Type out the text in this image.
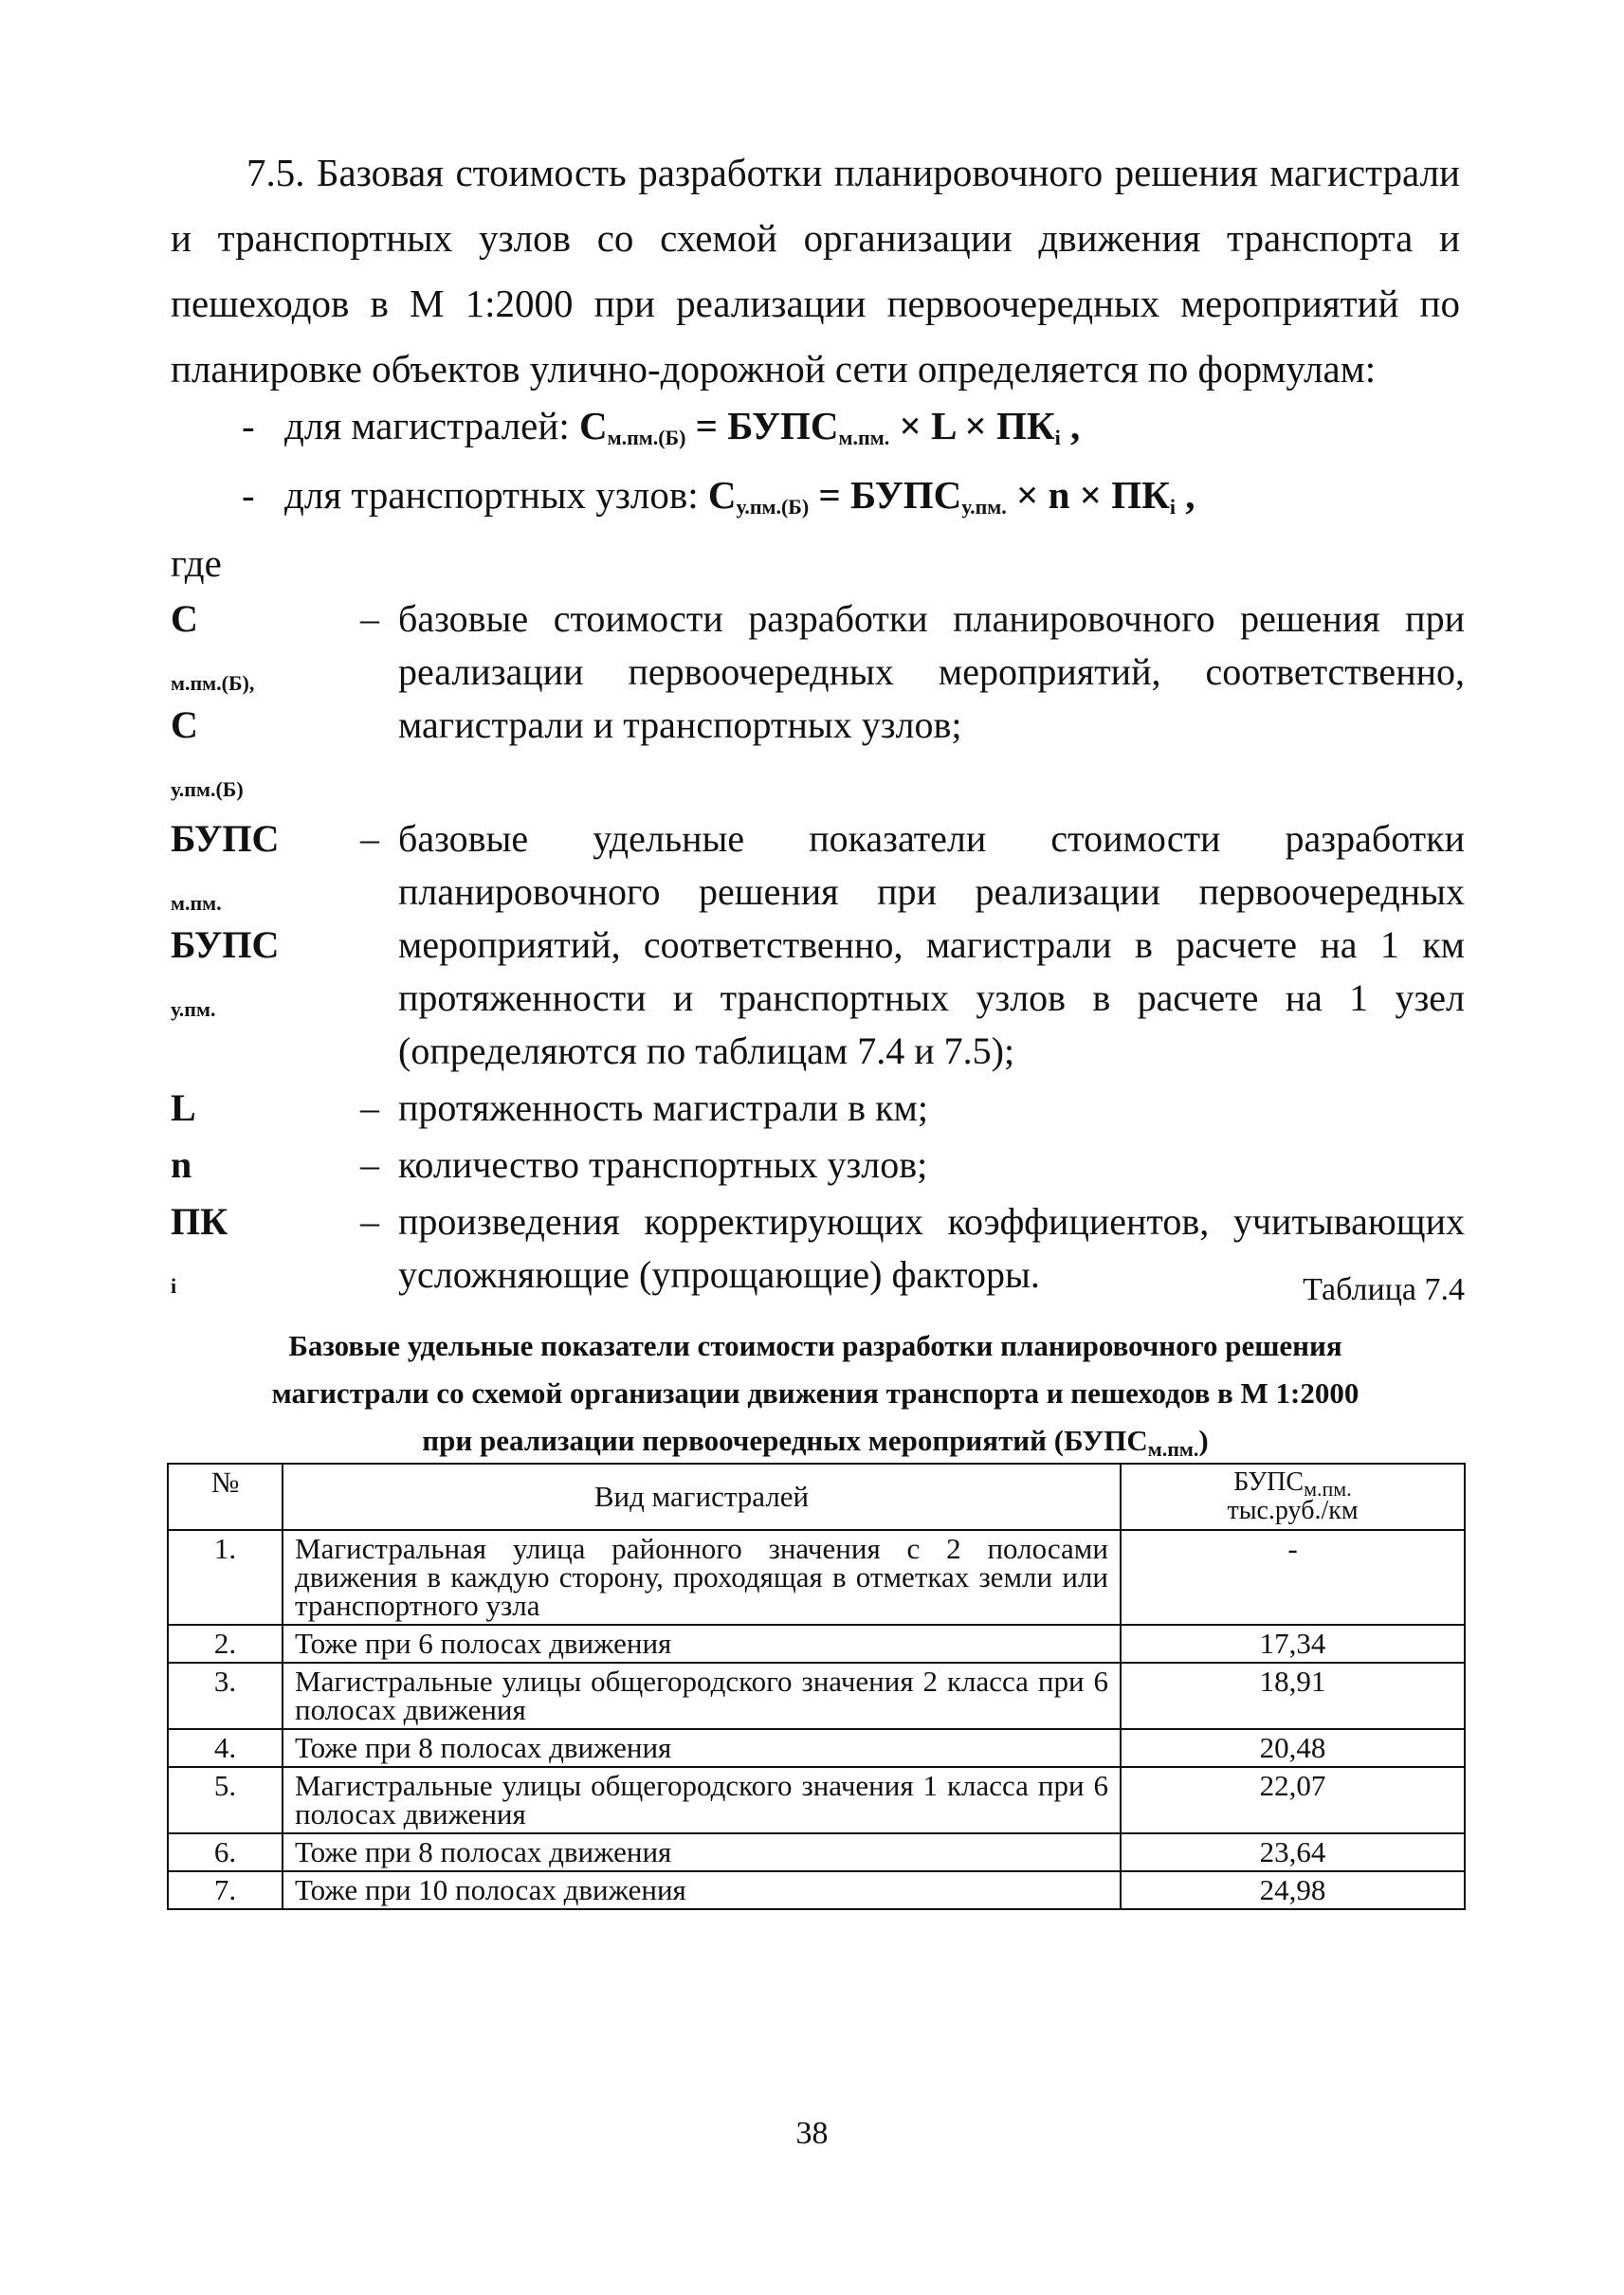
7.5. Базовая стоимость разработки планировочного решения магистрали и транспортных узлов со схемой организации движения транспорта и пешеходов в М 1:2000 при реализации первоочередных мероприятий по планировке объектов улично-дорожной сети определяется по формулам:

- для магистралей: $С_{м.пм.(Б)}$ = $БУПС_{м.пм.} \times L \times ПК_i$ ,
- для транспортных узлов: $С_{у.пм.(Б)}$ = $БУПС_{у.пм.} \times n \times ПК_i$ ,
где
С
$_{м.пм.(Б),}$
С
$_{у.пм.(Б)}$
– базовые стоимости разработки планировочного решения при реализации первоочередных мероприятий, соответственно, магистрали и транспортных узлов;
БУПС
$_{м.пм.}$
БУПС
$_{у.пм.}$
– базовые удельные показатели стоимости разработки планировочного решения при реализации первоочередных мероприятий, соответственно, магистрали в расчете на 1 км протяженности и транспортных узлов в расчете на 1 узел (определяются по таблицам 7.4 и 7.5);
L	– протяженность магистрали в км;
n	– количество транспортных узлов;
ПК
$_i$
– произведения корректирующих коэффициентов, учитывающих усложняющие (упрощающие) факторы.	Таблица 7.4
Базовые удельные показатели стоимости разработки планировочного решения
магистрали со схемой организации движения транспорта и пешеходов в М 1:2000
при реализации первоочередных мероприятий $(БУПС_{м.пм.})$
№	Вид магистралей	$БУПС_{м.пм.}$
тыс.руб./км

1.	Магистральная улица районного значения с 2 полосами движения в каждую сторону, проходящая в отметках земли или транспортного узла	-
2.	Тоже при 6 полосах движения	17,34
3.	Магистральные улицы общегородского значения 2 класса при 6 полосах движения	18,91
4.	Тоже при 8 полосах движения	20,48
5.	Магистральные улицы общегородского значения 1 класса при 6 полосах движения	22,07
6.	Тоже при 8 полосах движения	23,64
7.	Тоже при 10 полосах движения	24,98
38
